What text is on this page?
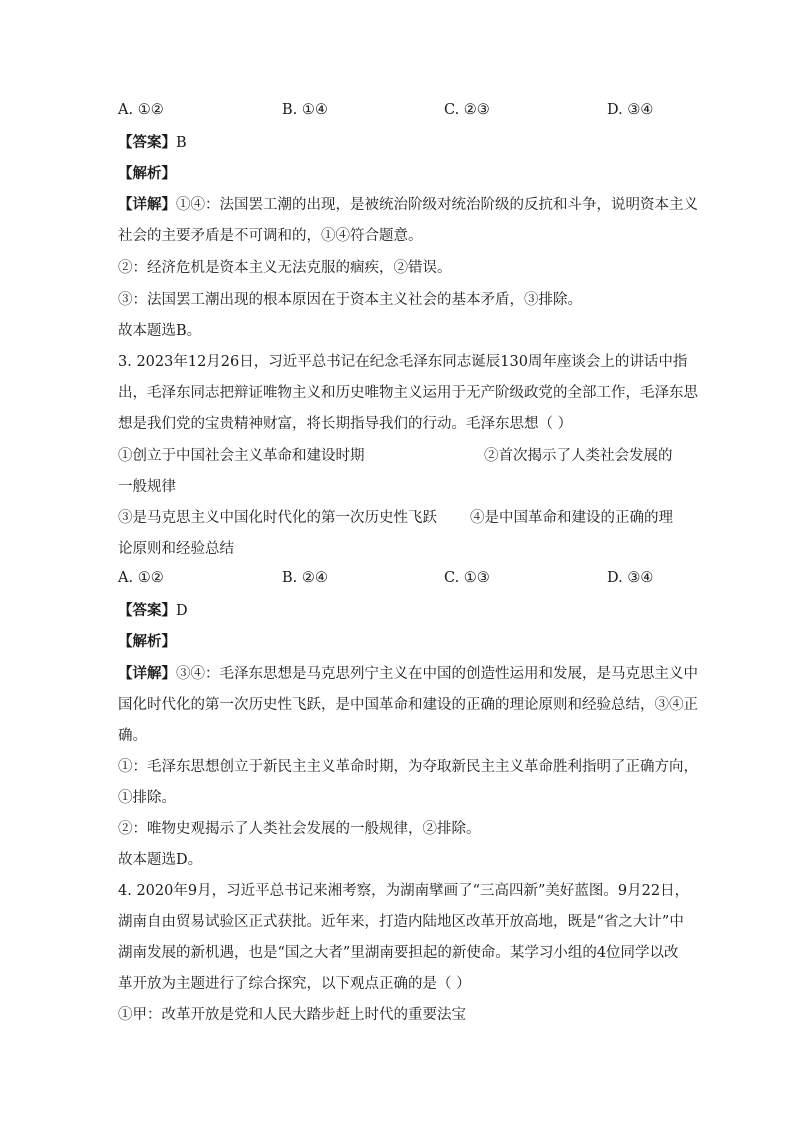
A. ①②	B. ①④	C. ②③	D. ③④
【答案】B
【解析】
【详解】①④：法国罢工潮的出现，是被统治阶级对统治阶级的反抗和斗争，说明资本主义
社会的主要矛盾是不可调和的，①④符合题意。
②：经济危机是资本主义无法克服的痼疾，②错误。
③：法国罢工潮出现的根本原因在于资本主义社会的基本矛盾，③排除。
故本题选B。
3. 2023年12月26日，习近平总书记在纪念毛泽东同志诞辰130周年座谈会上的讲话中指
出，毛泽东同志把辩证唯物主义和历史唯物主义运用于无产阶级政党的全部工作，毛泽东思
想是我们党的宝贵精神财富，将长期指导我们的行动。毛泽东思想（ ）
①创立于中国社会主义革命和建设时期	②首次揭示了人类社会发展的
一般规律
③是马克思主义中国化时代化的第一次历史性飞跃 ④是中国革命和建设的正确的理
论原则和经验总结
A. ①②	B. ②④	C. ①③	D. ③④
【答案】D
【解析】
【详解】③④：毛泽东思想是马克思列宁主义在中国的创造性运用和发展，是马克思主义中
国化时代化的第一次历史性飞跃，是中国革命和建设的正确的理论原则和经验总结，③④正
确。
①：毛泽东思想创立于新民主主义革命时期，为夺取新民主主义革命胜利指明了正确方向，
①排除。
②：唯物史观揭示了人类社会发展的一般规律，②排除。
故本题选D。
4. 2020年9月，习近平总书记来湘考察，为湖南擘画了“三高四新”美好蓝图。9月22日，
湖南自由贸易试验区正式获批。近年来，打造内陆地区改革开放高地，既是“省之大计”中
湖南发展的新机遇，也是“国之大者”里湖南要担起的新使命。某学习小组的4位同学以改
革开放为主题进行了综合探究，以下观点正确的是（ ）
①甲：改革开放是党和人民大踏步赶上时代的重要法宝
